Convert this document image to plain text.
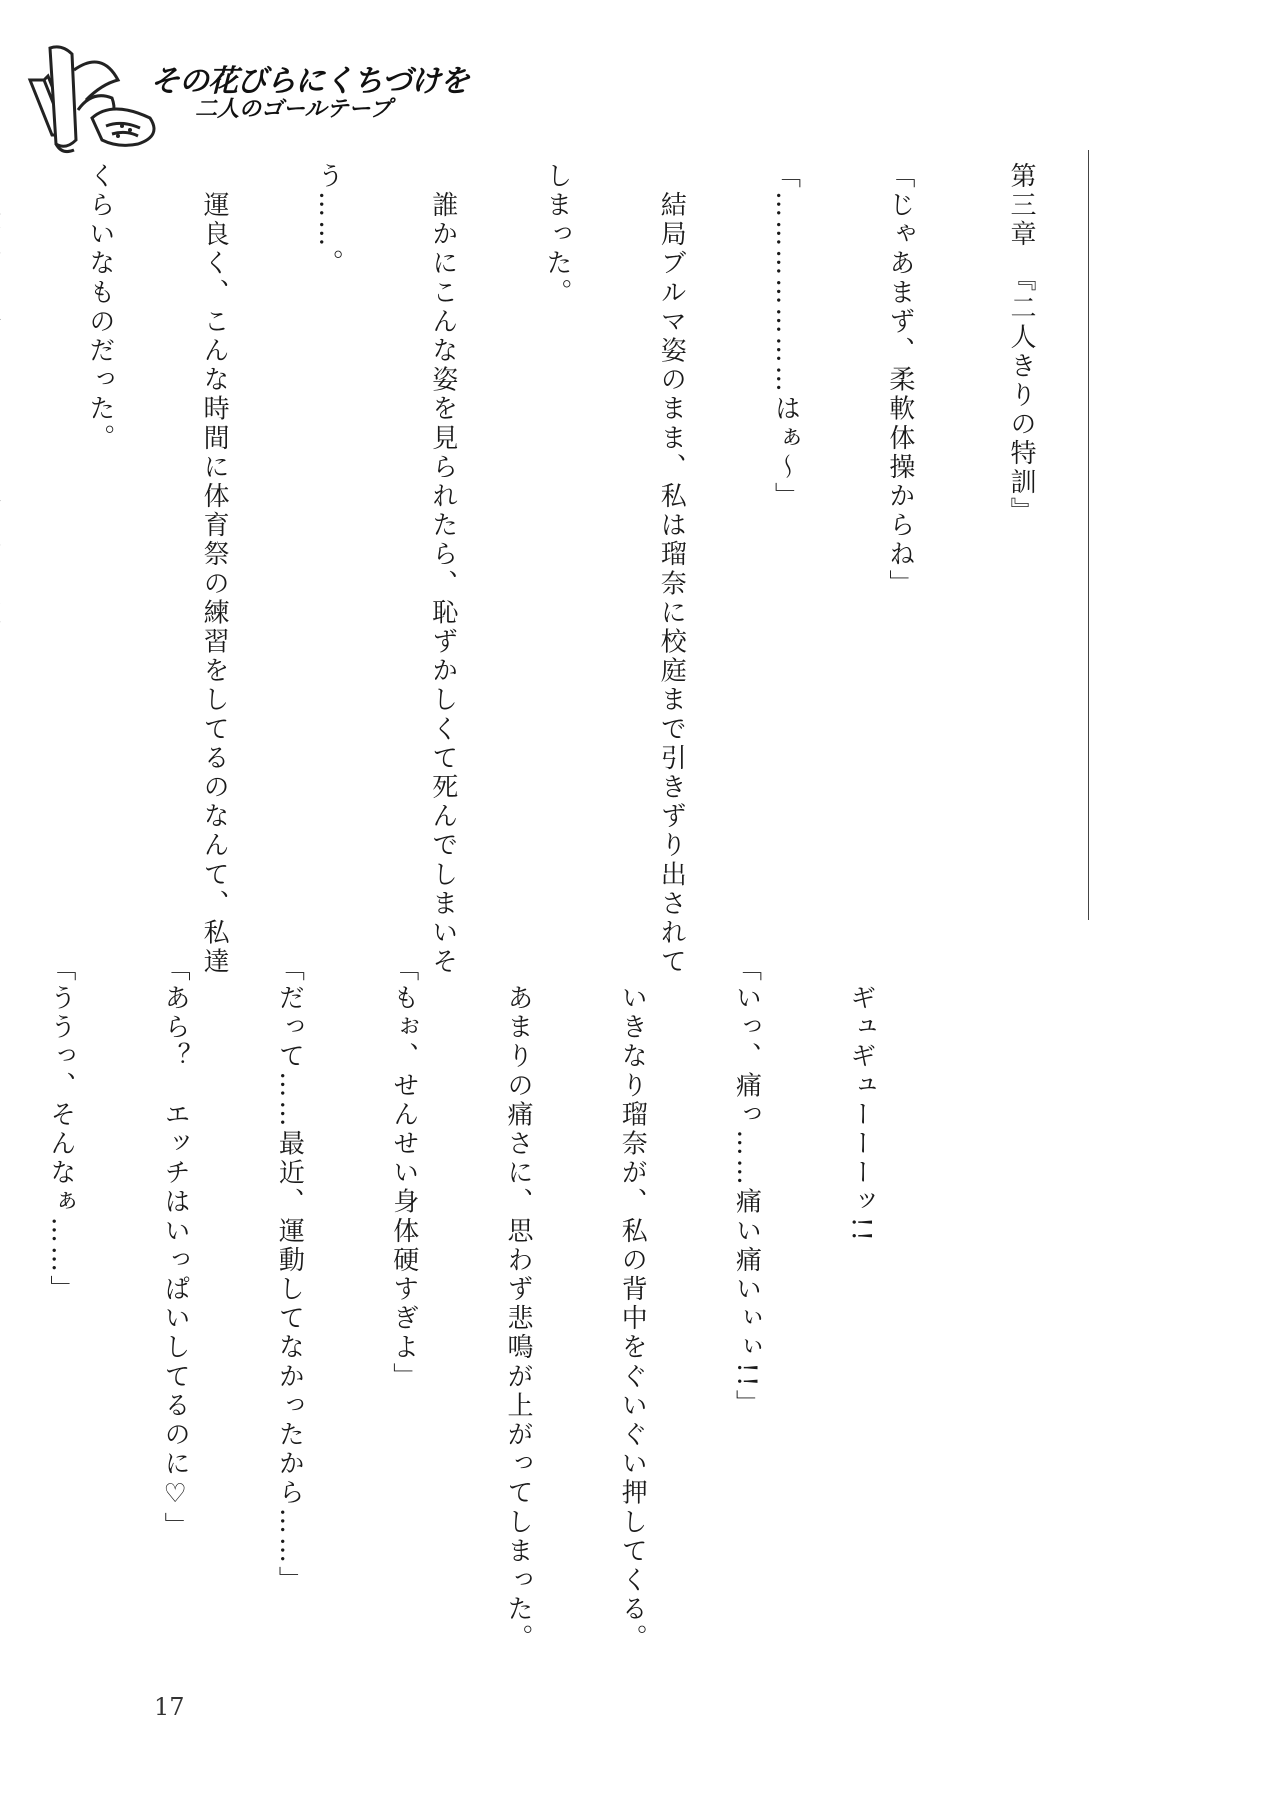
その花びらにくちづけを
二人のゴールテープ
第三章　『二人きりの特訓』

「じゃあまず、柔軟体操からね」

「…………………はぁ～」

　結局ブルマ姿のまま、私は瑠奈に校庭まで引きずり出されて

しまった。

　誰かにこんな姿を見られたら、恥ずかしくて死んでしまいそ

う……。

　運良く、こんな時間に体育祭の練習をしてるのなんて、私達

くらいなものだった。

　ギュギューーーッ!!

「いっ、痛っ……痛い痛いぃぃ!!」

　いきなり瑠奈が、私の背中をぐいぐい押してくる。

　あまりの痛さに、思わず悲鳴が上がってしまった。

「もぉ、せんせい身体硬すぎよ」

「だって……最近、運動してなかったから……」

「あら？　エッチはいっぱいしてるのに♡」

「ううっ、そんなぁ……」

17
